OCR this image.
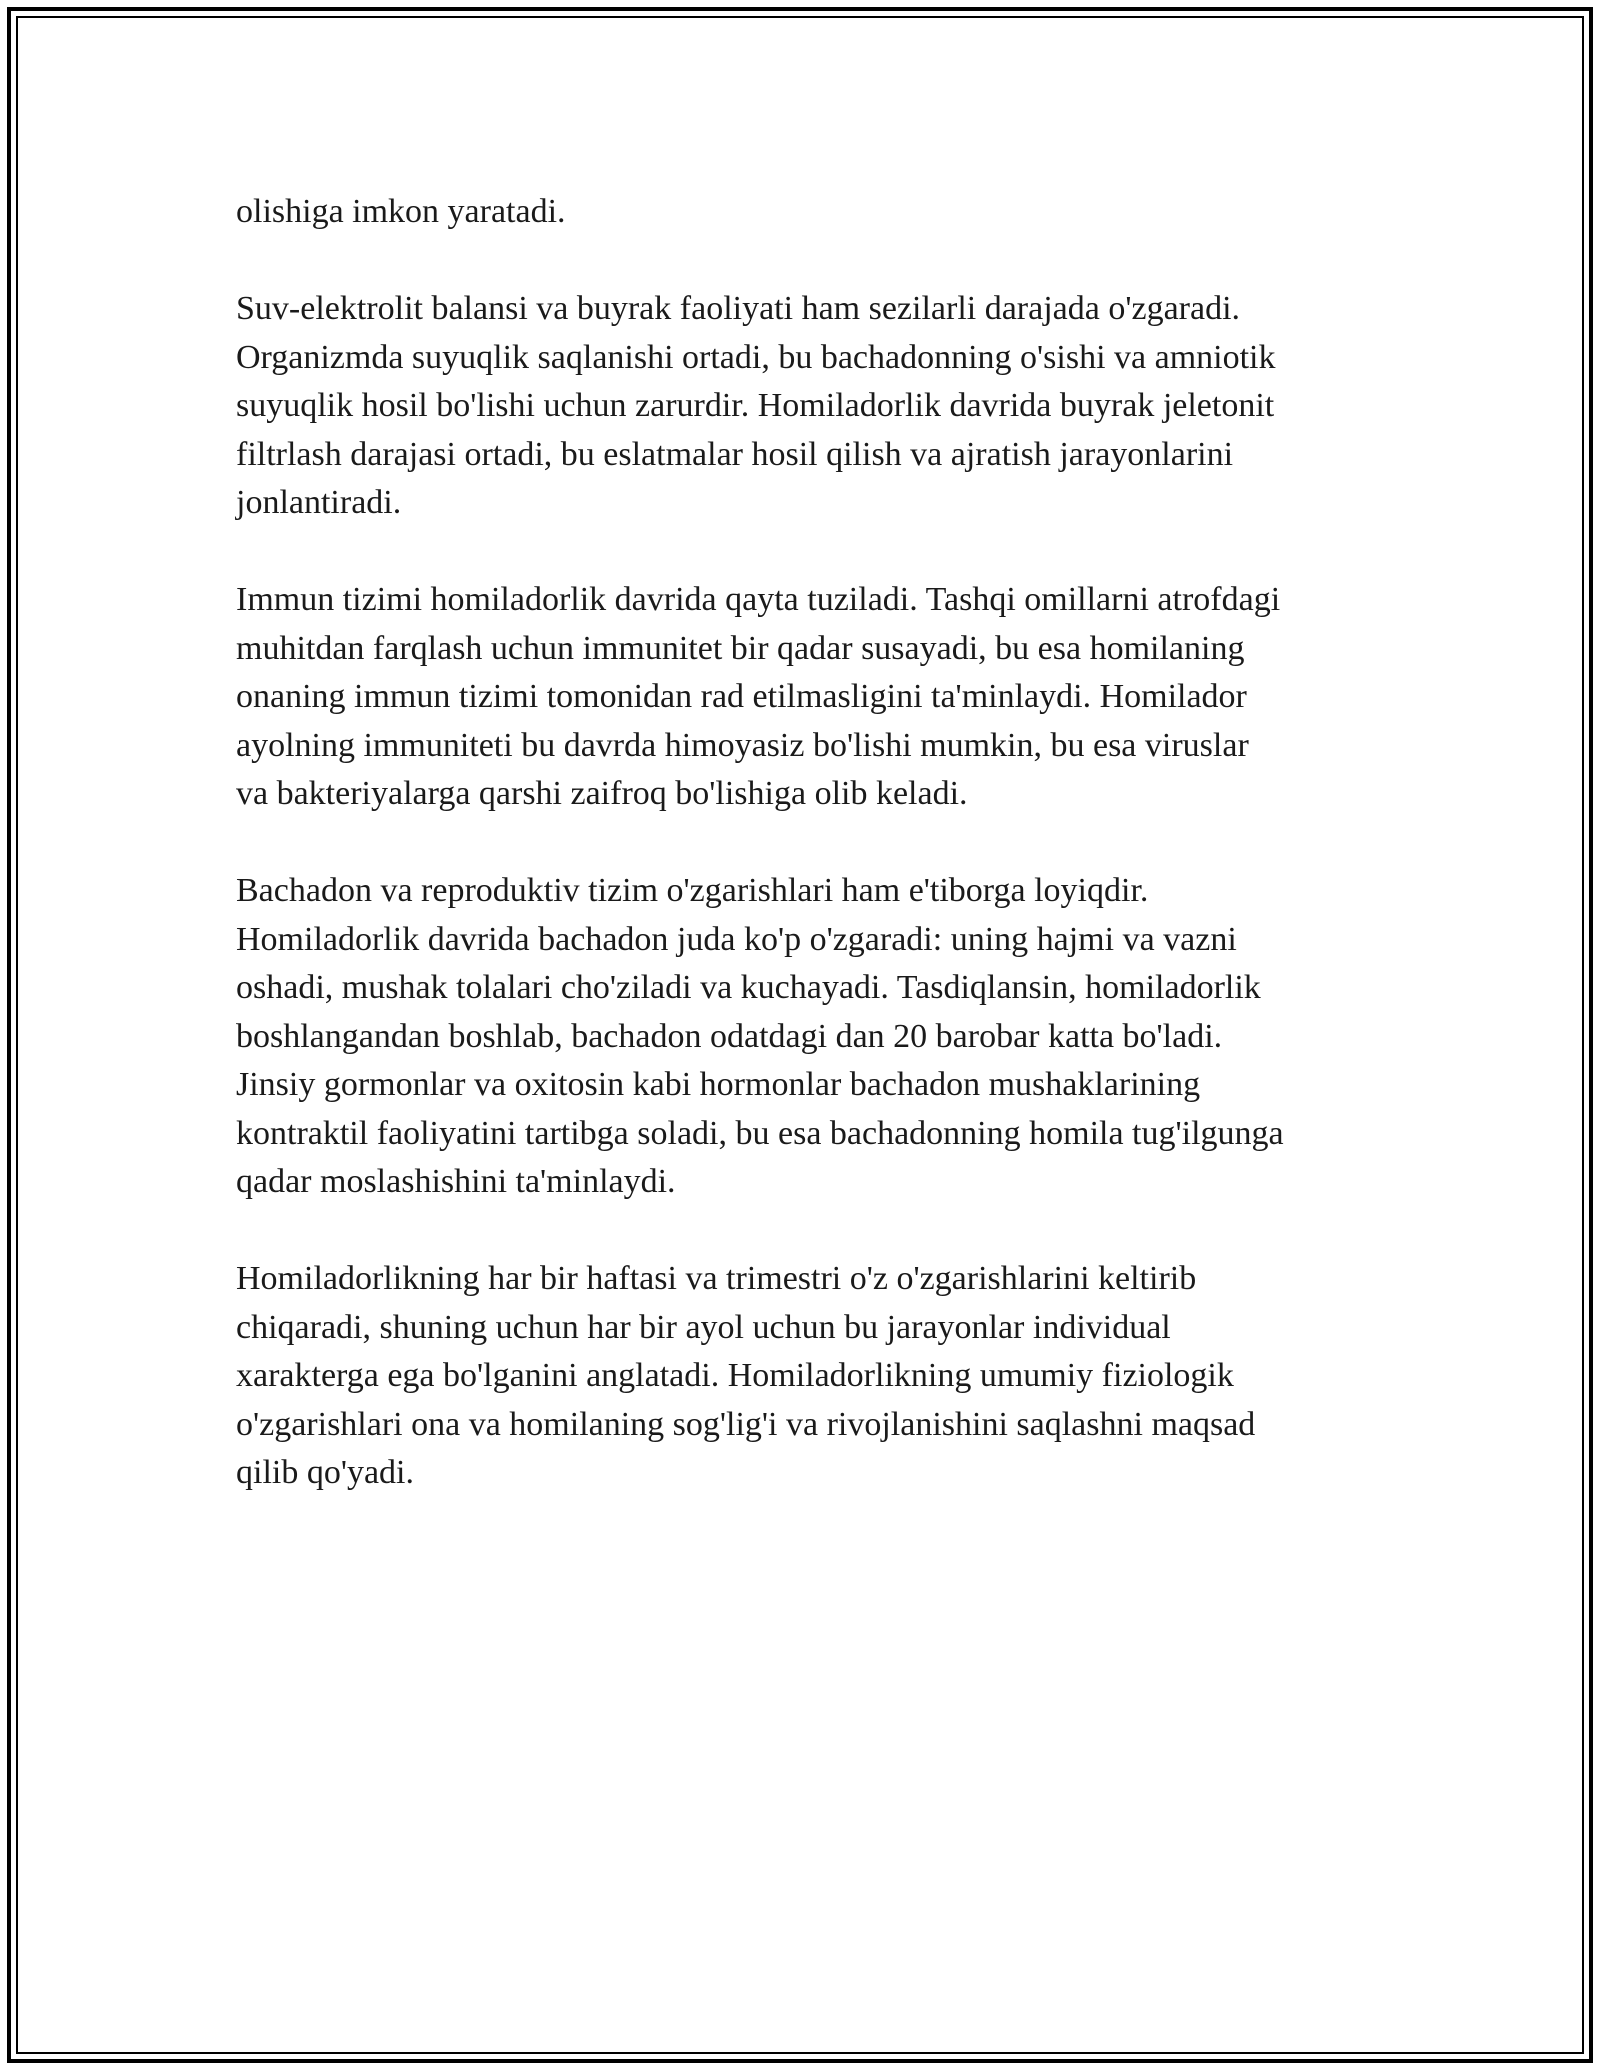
olishiga imkon yaratadi.

Suv-elektrolit balansi va buyrak faoliyati ham sezilarli darajada o'zgaradi.
Organizmda suyuqlik saqlanishi ortadi, bu bachadonning o'sishi va amniotik
suyuqlik hosil bo'lishi uchun zarurdir. Homiladorlik davrida buyrak jeletonit
filtrlash darajasi ortadi, bu eslatmalar hosil qilish va ajratish jarayonlarini
jonlantiradi.

Immun tizimi homiladorlik davrida qayta tuziladi. Tashqi omillarni atrofdagi
muhitdan farqlash uchun immunitet bir qadar susayadi, bu esa homilaning
onaning immun tizimi tomonidan rad etilmasligini ta'minlaydi. Homilador
ayolning immuniteti bu davrda himoyasiz bo'lishi mumkin, bu esa viruslar
va bakteriyalarga qarshi zaifroq bo'lishiga olib keladi.

Bachadon va reproduktiv tizim o'zgarishlari ham e'tiborga loyiqdir.
Homiladorlik davrida bachadon juda ko'p o'zgaradi: uning hajmi va vazni
oshadi, mushak tolalari cho'ziladi va kuchayadi. Tasdiqlansin, homiladorlik
boshlangandan boshlab, bachadon odatdagi dan 20 barobar katta bo'ladi.
Jinsiy gormonlar va oxitosin kabi hormonlar bachadon mushaklarining
kontraktil faoliyatini tartibga soladi, bu esa bachadonning homila tug'ilgunga
qadar moslashishini ta'minlaydi.

Homiladorlikning har bir haftasi va trimestri o'z o'zgarishlarini keltirib
chiqaradi, shuning uchun har bir ayol uchun bu jarayonlar individual
xarakterga ega bo'lganini anglatadi. Homiladorlikning umumiy fiziologik
o'zgarishlari ona va homilaning sog'lig'i va rivojlanishini saqlashni maqsad
qilib qo'yadi.
